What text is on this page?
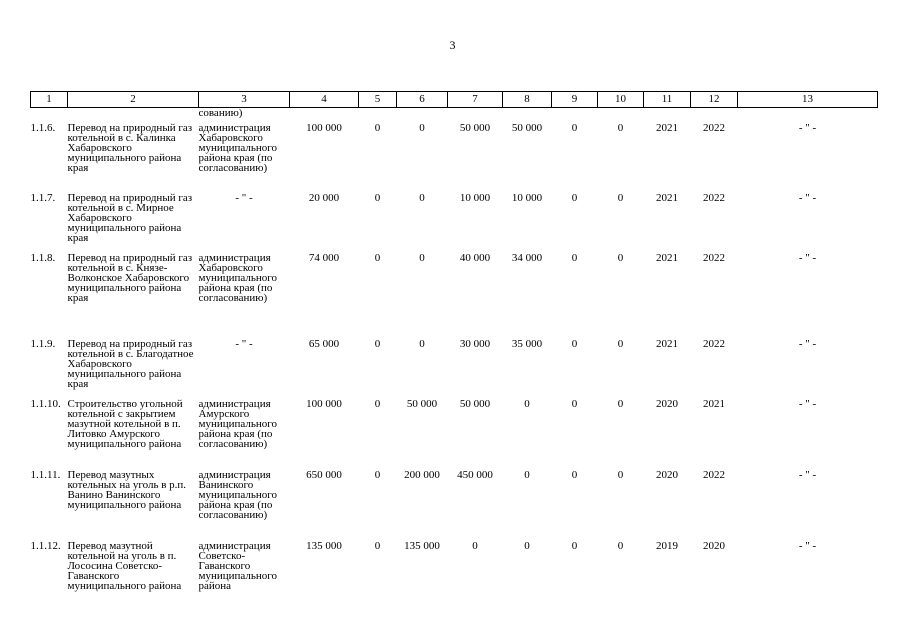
3
1	2	3	4	5	6	7	8	9	10	11	12	13
		сованию)										
1.1.6.	Перевод на природный газ котельной в с. Калинка Хабаровского муниципального района края	администрация Хабаровского муниципального района края (по согласованию)	100 000	0	0	50 000	50 000	0	0	2021	2022	- " -
1.1.7.	Перевод на природный газ котельной в с. Мирное Хабаровского муниципального района края	- " -	20 000	0	0	10 000	10 000	0	0	2021	2022	- " -
1.1.8.	Перевод на природный газ котельной в с. Князе-Волконское Хабаровского муниципального района края	администрация Хабаровского муниципального района края (по согласованию)	74 000	0	0	40 000	34 000	0	0	2021	2022	- " -
1.1.9.	Перевод на природный газ котельной в с. Благодатное Хабаровского муниципального района края	- " -	65 000	0	0	30 000	35 000	0	0	2021	2022	- " -
1.1.10.	Строительство угольной котельной с закрытием мазутной котельной в п. Литовко Амурского муниципального района	администрация Амурского муниципального района края (по согласованию)	100 000	0	50 000	50 000	0	0	0	2020	2021	- " -
1.1.11.	Перевод мазутных котельных на уголь в р.п. Ванино Ванинского муниципального района	администрация Ванинского муниципального района края (по согласованию)	650 000	0	200 000	450 000	0	0	0	2020	2022	- " -
1.1.12.	Перевод мазутной котельной на уголь в п. Лососина Советско-Гаванского муниципального района	администрация Советско-Гаванского муниципального района	135 000	0	135 000	0	0	0	0	2019	2020	- " -
